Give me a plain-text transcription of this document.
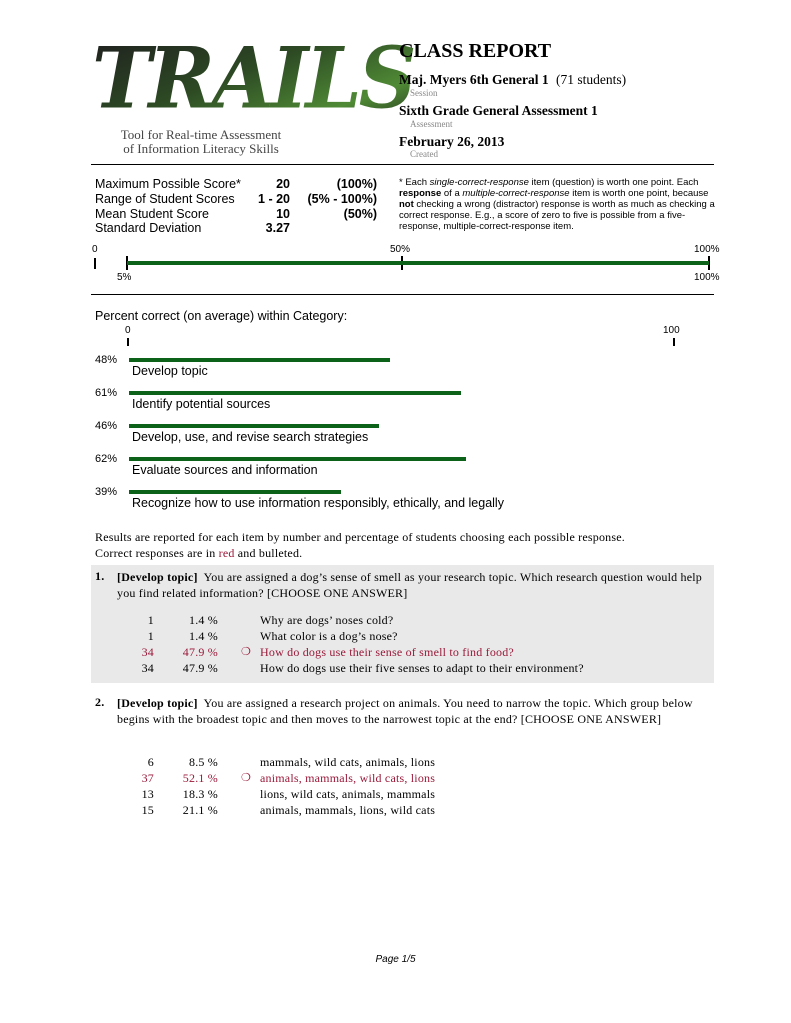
TRAILS
Tool for Real-time Assessment
of Information Literacy Skills
CLASS REPORT
Maj. Myers 6th General 1 (71 students)
Session
Sixth Grade General Assessment 1
Assessment
February 26, 2013
Created
Maximum Possible Score*	20	(100%)
Range of Student Scores	1 - 20	(5% - 100%)
Mean Student Score	10	(50%)
Standard Deviation	3.27
* Each single-correct-response item (question) is worth one point. Each response of a multiple-correct-response item is worth one point, because not checking a wrong (distractor) response is worth as much as checking a correct response. E.g., a score of zero to five is possible from a five-response, multiple-correct-response item.
0	50%	100%
5%	100%
Percent correct (on average) within Category:
0	100
48%
Develop topic
61%
Identify potential sources
46%
Develop, use, and revise search strategies
62%
Evaluate sources and information
39%
Recognize how to use information responsibly, ethically, and legally
Results are reported for each item by number and percentage of students choosing each possible response.
Correct responses are in red and bulleted.
1. [Develop topic] You are assigned a dog’s sense of smell as your research topic. Which research question would help you find related information? [CHOOSE ONE ANSWER]
1	1.4 %	Why are dogs’ noses cold?
1	1.4 %	What color is a dog’s nose?
34	47.9 % ❍ How do dogs use their sense of smell to find food?
34	47.9 %	How do dogs use their five senses to adapt to their environment?
2. [Develop topic] You are assigned a research project on animals. You need to narrow the topic. Which group below begins with the broadest topic and then moves to the narrowest topic at the end? [CHOOSE ONE ANSWER]
6	8.5 %	mammals, wild cats, animals, lions
37	52.1 % ❍ animals, mammals, wild cats, lions
13	18.3 %	lions, wild cats, animals, mammals
15	21.1 %	animals, mammals, lions, wild cats
Page 1/5
